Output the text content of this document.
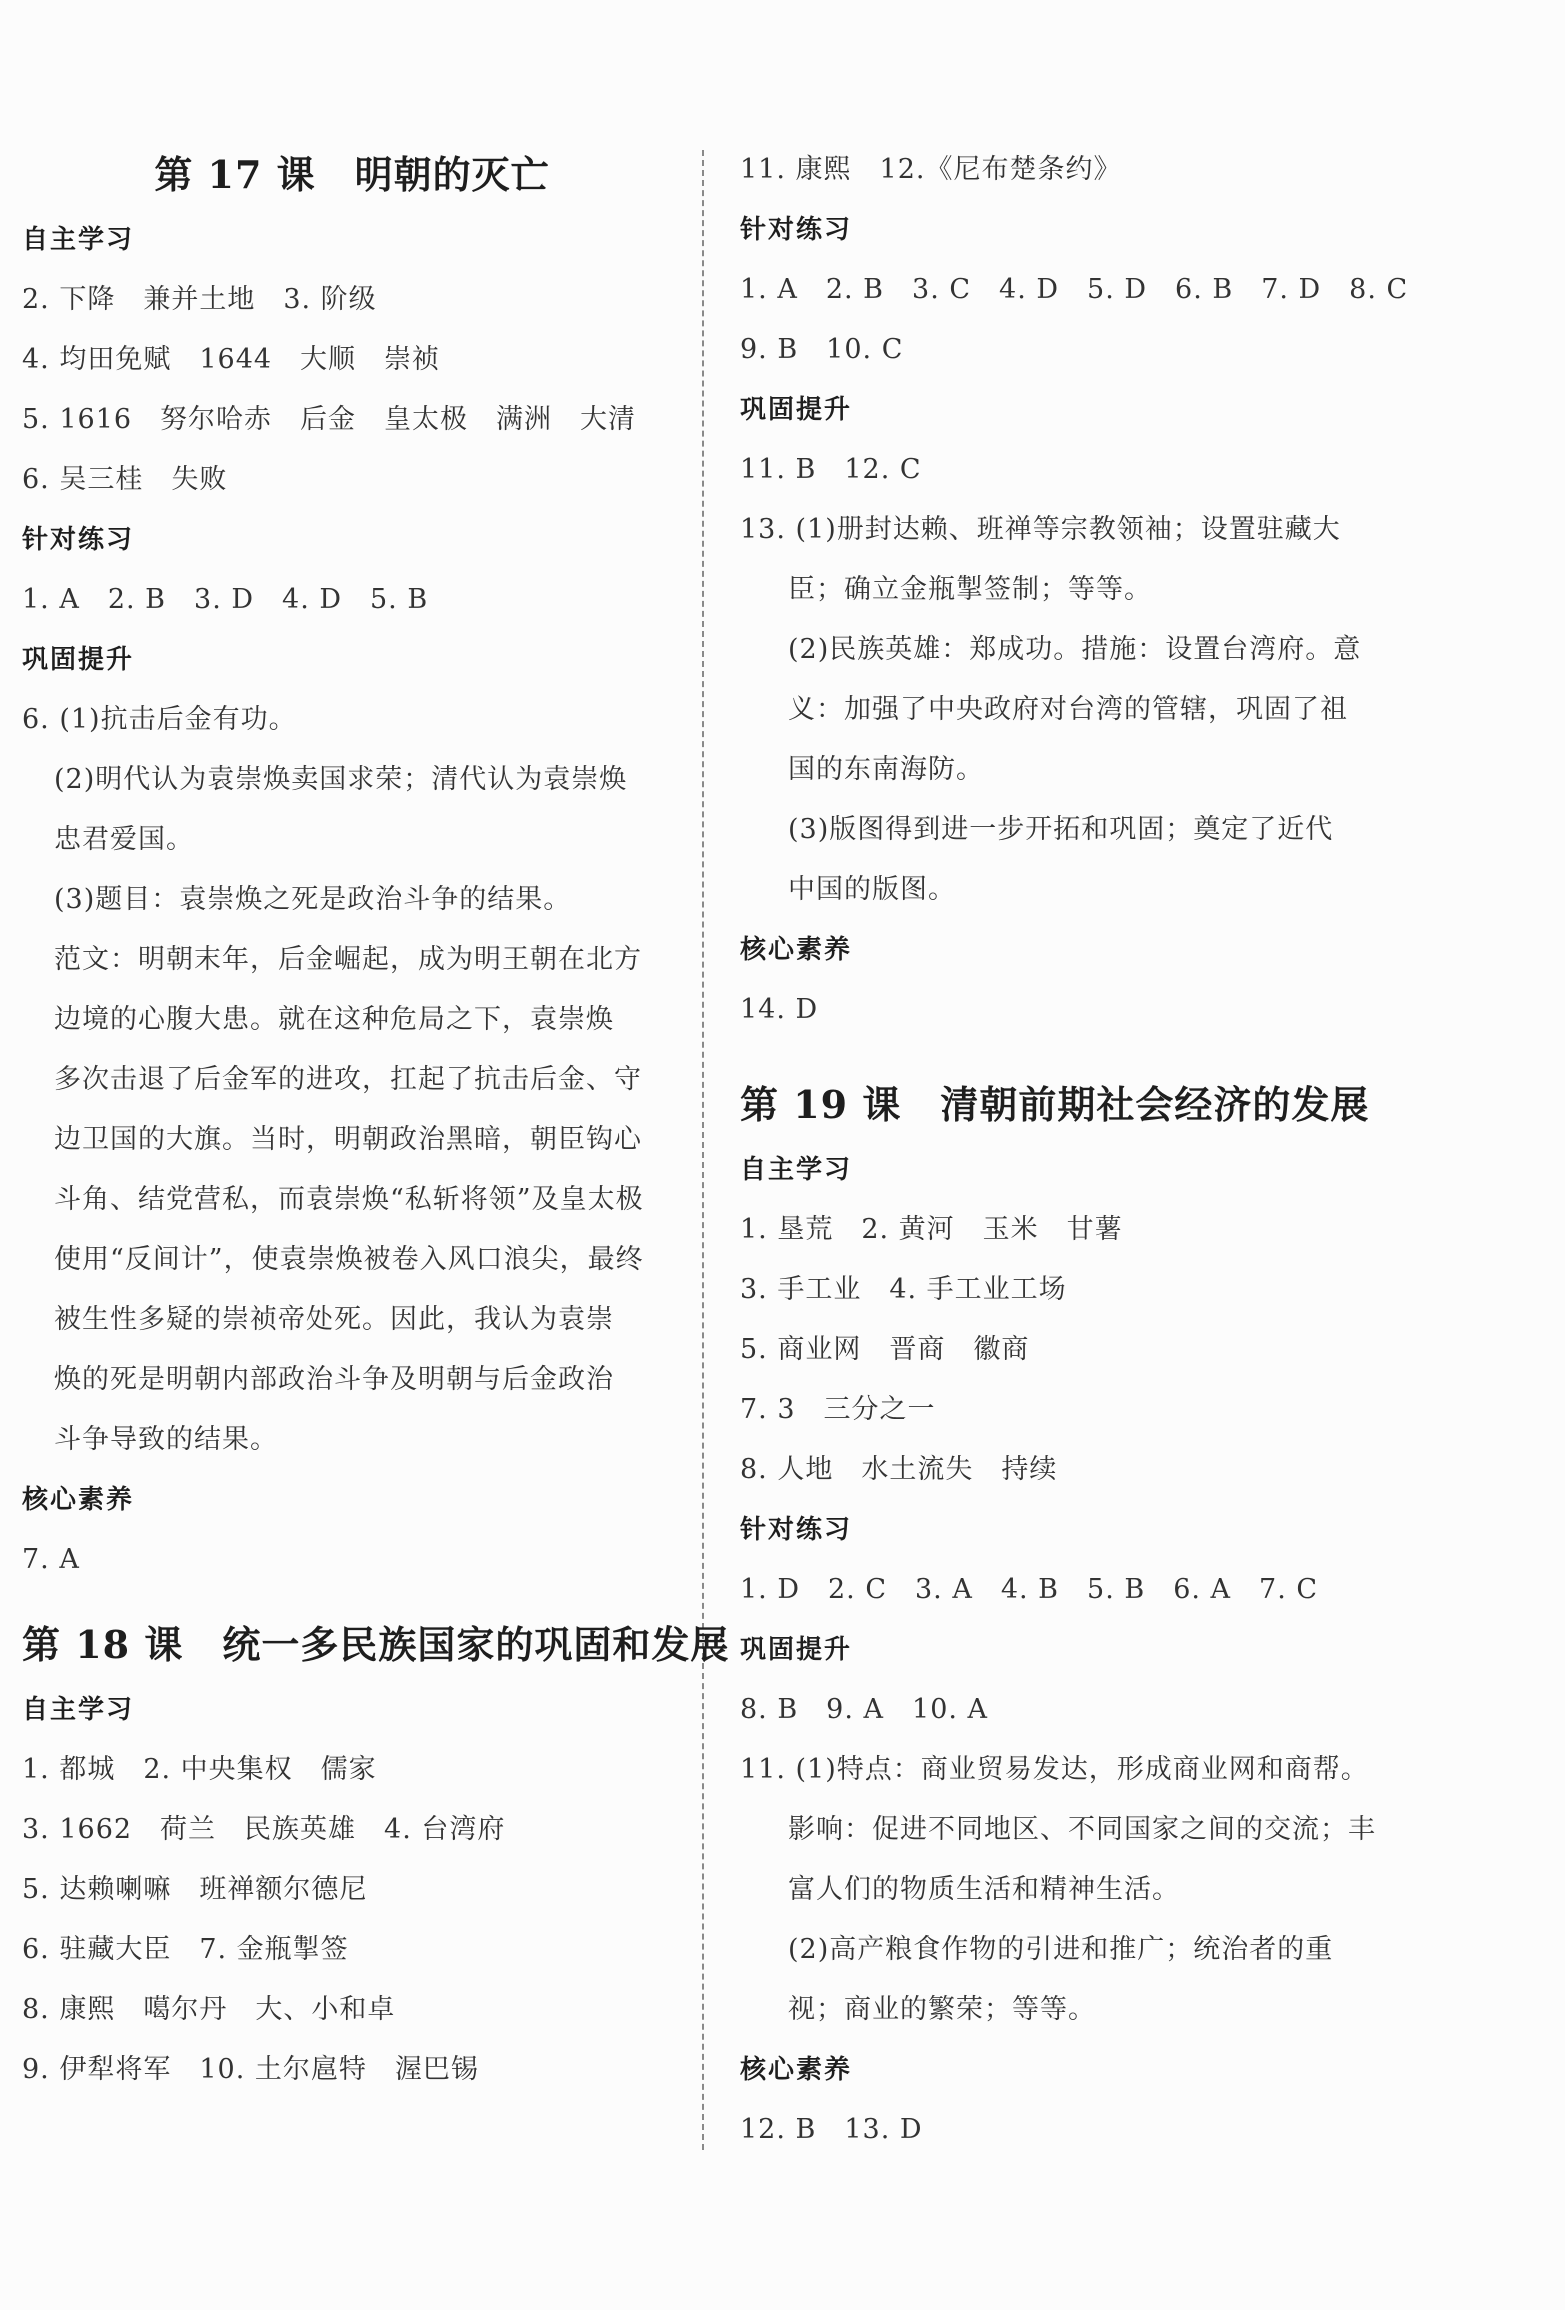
第 17 课　明朝的灭亡
自主学习
2. 下降　兼并土地　3. 阶级
4. 均田免赋　1644　大顺　崇祯
5. 1616　努尔哈赤　后金　皇太极　满洲　大清
6. 吴三桂　失败
针对练习
1. A　2. B　3. D　4. D　5. B
巩固提升
6. (1)抗击后金有功。
(2)明代认为袁崇焕卖国求荣；清代认为袁崇焕
忠君爱国。
(3)题目：袁崇焕之死是政治斗争的结果。
范文：明朝末年，后金崛起，成为明王朝在北方
边境的心腹大患。就在这种危局之下，袁崇焕
多次击退了后金军的进攻，扛起了抗击后金、守
边卫国的大旗。当时，明朝政治黑暗，朝臣钩心
斗角、结党营私，而袁崇焕“私斩将领”及皇太极
使用“反间计”，使袁崇焕被卷入风口浪尖，最终
被生性多疑的崇祯帝处死。因此，我认为袁崇
焕的死是明朝内部政治斗争及明朝与后金政治
斗争导致的结果。
核心素养
7. A
第 18 课　统一多民族国家的巩固和发展
自主学习
1. 都城　2. 中央集权　儒家
3. 1662　荷兰　民族英雄　4. 台湾府
5. 达赖喇嘛　班禅额尔德尼
6. 驻藏大臣　7. 金瓶掣签
8. 康熙　噶尔丹　大、小和卓
9. 伊犁将军　10. 土尔扈特　渥巴锡
11. 康熙　12.《尼布楚条约》
针对练习
1. A　2. B　3. C　4. D　5. D　6. B　7. D　8. C
9. B　10. C
巩固提升
11. B　12. C
13. (1)册封达赖、班禅等宗教领袖；设置驻藏大
臣；确立金瓶掣签制；等等。
(2)民族英雄：郑成功。措施：设置台湾府。意
义：加强了中央政府对台湾的管辖，巩固了祖
国的东南海防。
(3)版图得到进一步开拓和巩固；奠定了近代
中国的版图。
核心素养
14. D
第 19 课　清朝前期社会经济的发展
自主学习
1. 垦荒　2. 黄河　玉米　甘薯
3. 手工业　4. 手工业工场
5. 商业网　晋商　徽商
7. 3　三分之一
8. 人地　水土流失　持续
针对练习
1. D　2. C　3. A　4. B　5. B　6. A　7. C
巩固提升
8. B　9. A　10. A
11. (1)特点：商业贸易发达，形成商业网和商帮。
影响：促进不同地区、不同国家之间的交流；丰
富人们的物质生活和精神生活。
(2)高产粮食作物的引进和推广；统治者的重
视；商业的繁荣；等等。
核心素养
12. B　13. D
